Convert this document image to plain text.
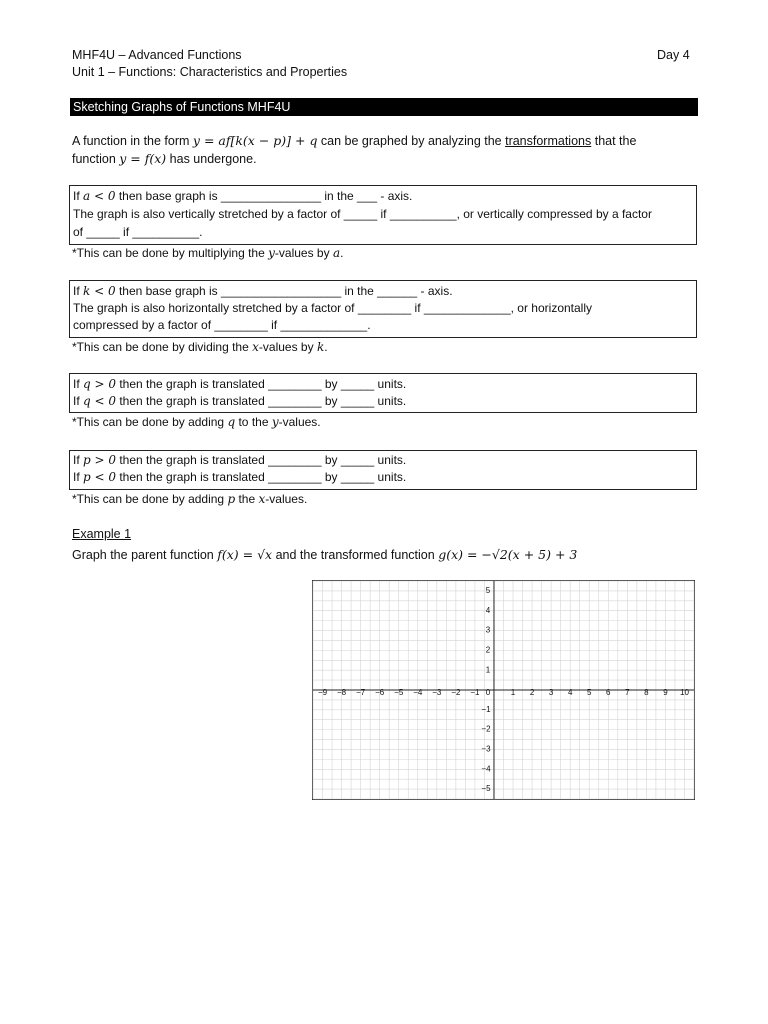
MHF4U – Advanced Functions
Unit 1 – Functions: Characteristics and Properties
Day 4
Sketching Graphs of Functions MHF4U
A function in the form y = af[k(x − p)] + q can be graphed by analyzing the transformations that the
function y = f(x) has undergone.
If a < 0 then base graph is _______________ in the ___ - axis.
The graph is also vertically stretched by a factor of _____ if __________, or vertically compressed by a factor
of _____ if __________.
*This can be done by multiplying the y-values by a.
If k < 0 then base graph is __________________ in the ______ - axis.
The graph is also horizontally stretched by a factor of ________ if _____________, or horizontally
compressed by a factor of ________ if _____________.
*This can be done by dividing the x-values by k.
If q > 0 then the graph is translated ________ by _____ units.
If q < 0 then the graph is translated ________ by _____ units.
*This can be done by adding q to the y-values.
If p > 0 then the graph is translated ________ by _____ units.
If p < 0 then the graph is translated ________ by _____ units.
*This can be done by adding p the x-values.
Example 1
Graph the parent function f(x) = √x and the transformed function g(x) = −√2(x + 5) + 3
−9 −8 −7 −6 −5 −4 −3 −2 −1 0	1 2 3 4 5 6 7 8 9 10
5
4
3
2
1
−1
−2
−3
−4
−5
